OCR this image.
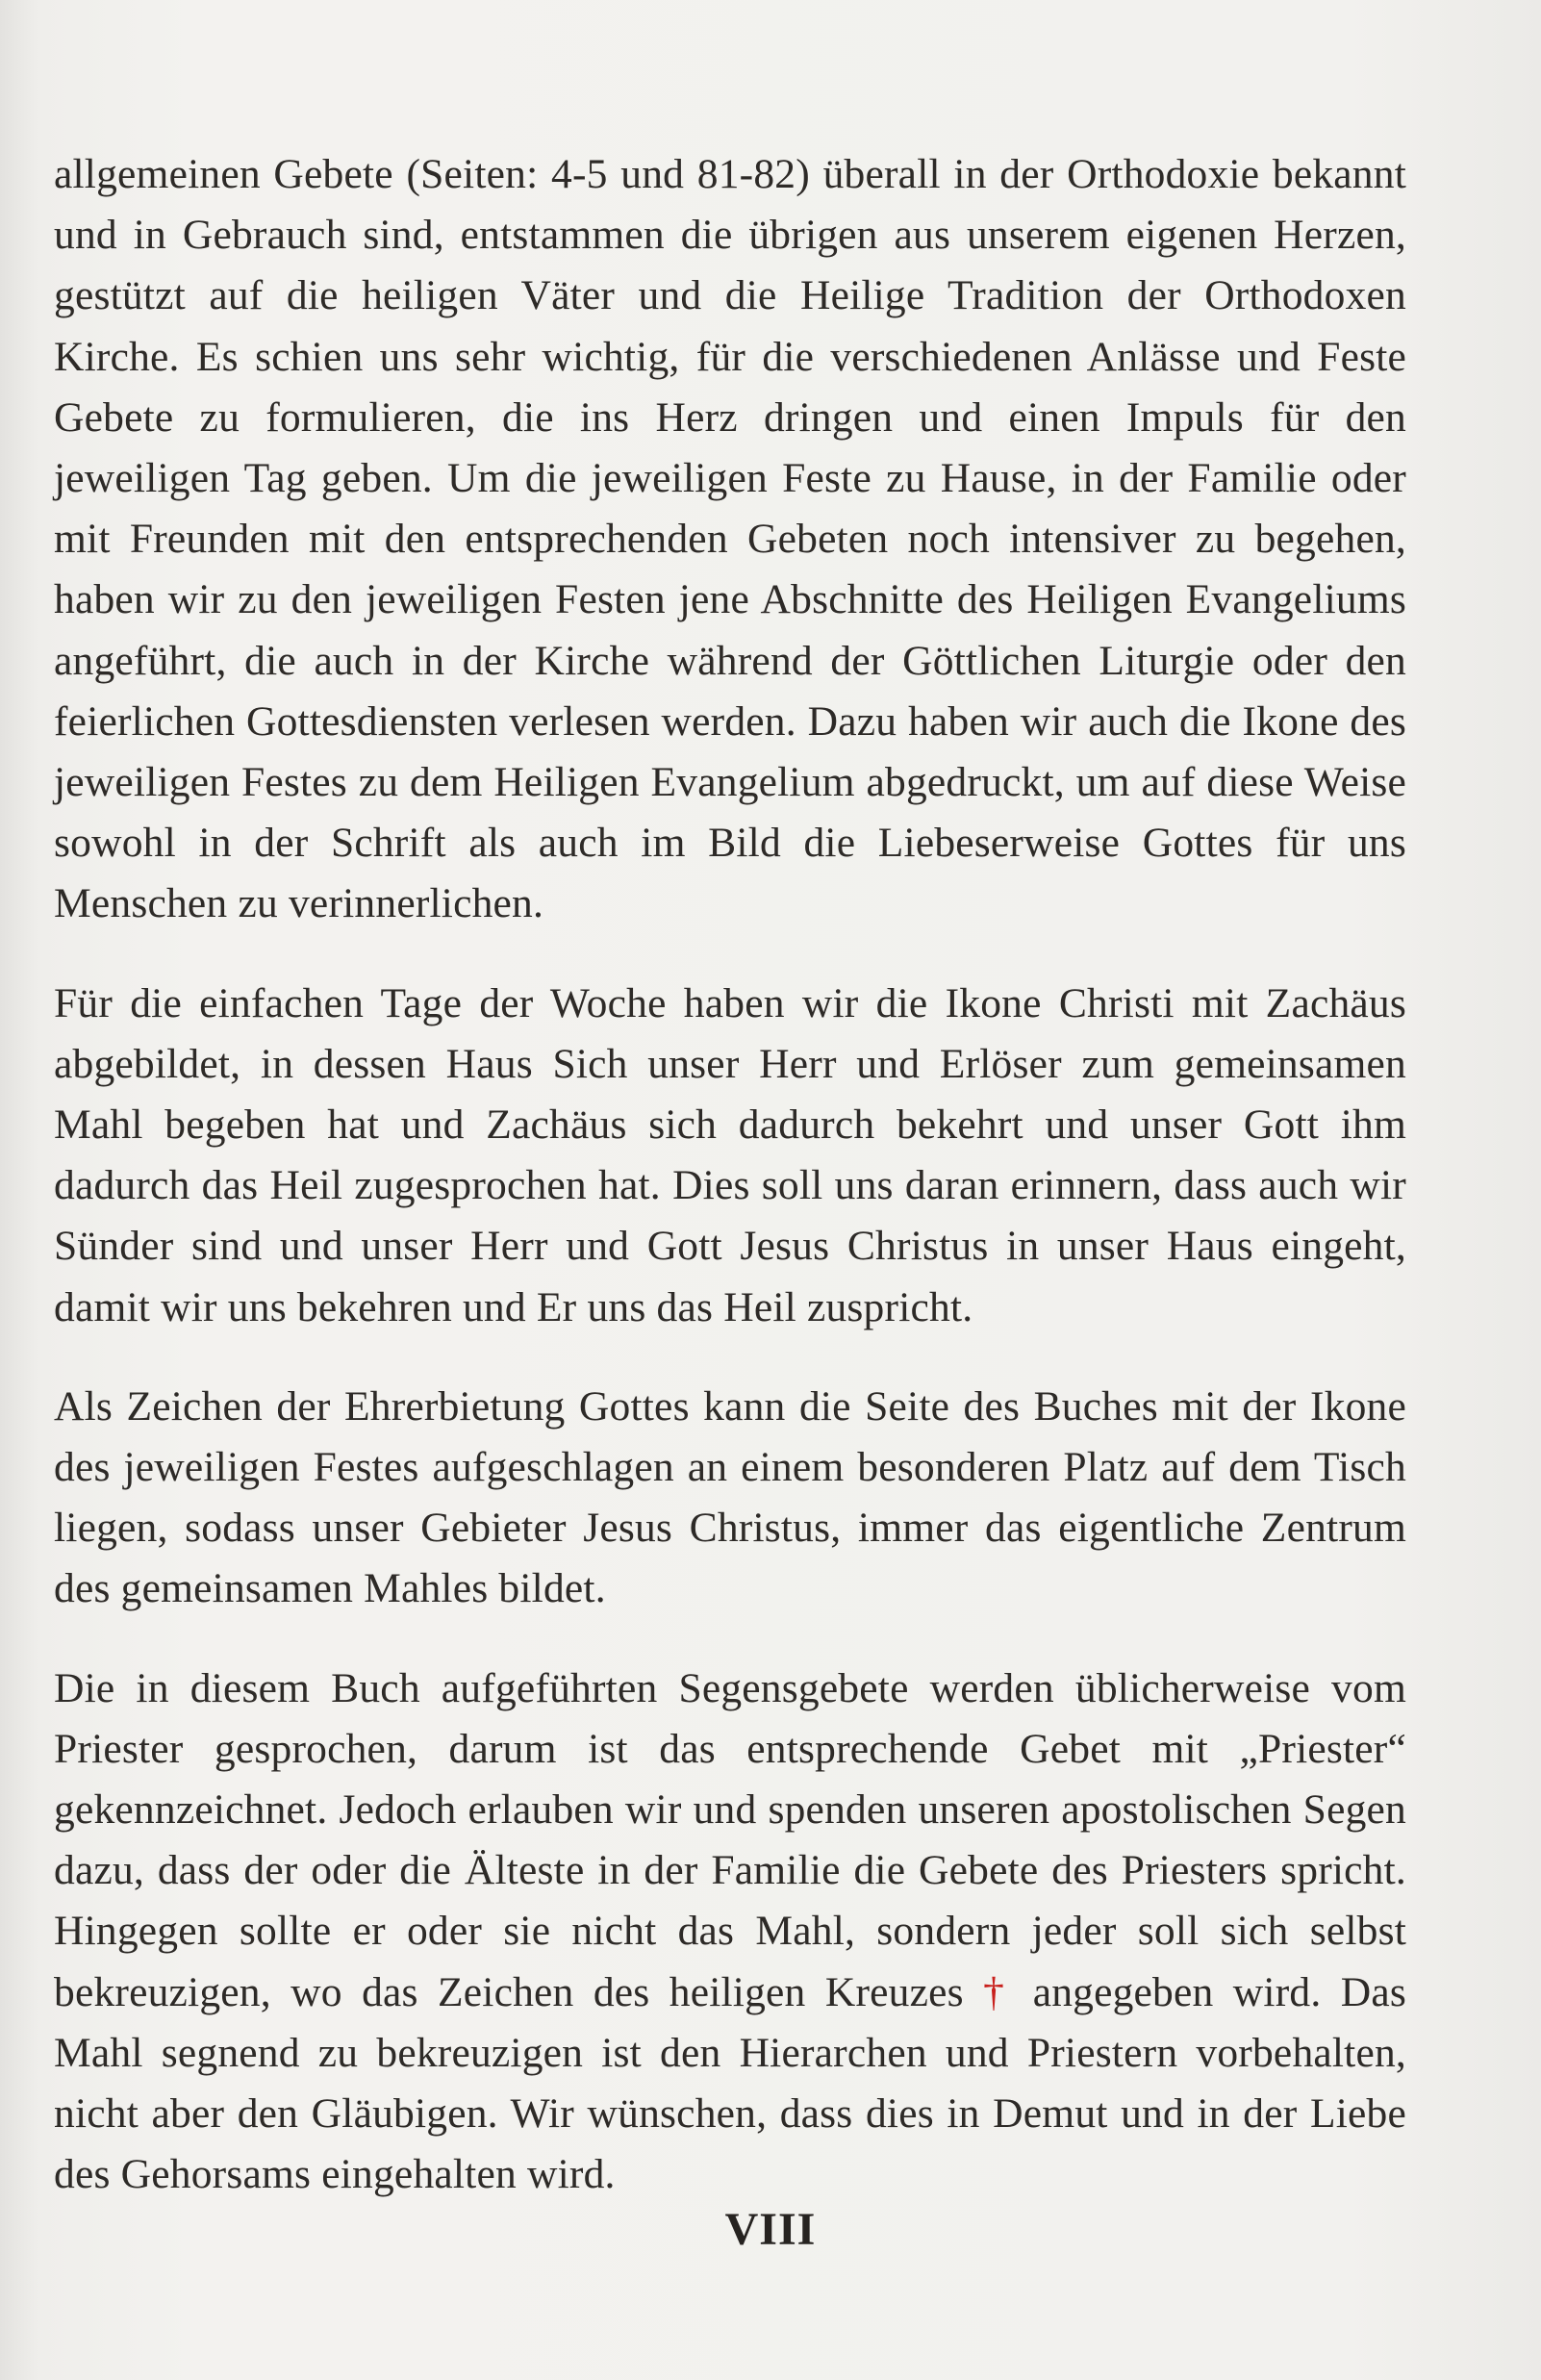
allgemeinen Gebete (Seiten: 4-5 und 81-82) überall in der Orthodoxie bekannt und in Gebrauch sind, entstammen die übrigen aus unserem eigenen Herzen, gestützt auf die heiligen Väter und die Heilige Tradition der Orthodoxen Kirche. Es schien uns sehr wichtig, für die verschiedenen Anlässe und Feste Gebete zu formulieren, die ins Herz dringen und einen Impuls für den jeweiligen Tag geben. Um die jeweiligen Feste zu Hause, in der Familie oder mit Freunden mit den entsprechenden Gebeten noch intensiver zu begehen, haben wir zu den jeweiligen Festen jene Abschnitte des Heiligen Evangeliums angeführt, die auch in der Kirche während der Göttlichen Liturgie oder den feierlichen Gottesdiensten verlesen werden. Dazu haben wir auch die Ikone des jeweiligen Festes zu dem Heiligen Evangelium abgedruckt, um auf diese Weise sowohl in der Schrift als auch im Bild die Liebeserweise Gottes für uns Menschen zu verinnerlichen.

Für die einfachen Tage der Woche haben wir die Ikone Christi mit Zachäus abgebildet, in dessen Haus Sich unser Herr und Erlöser zum gemeinsamen Mahl begeben hat und Zachäus sich dadurch bekehrt und unser Gott ihm dadurch das Heil zugesprochen hat. Dies soll uns daran erinnern, dass auch wir Sünder sind und unser Herr und Gott Jesus Christus in unser Haus eingeht, damit wir uns bekehren und Er uns das Heil zuspricht.

Als Zeichen der Ehrerbietung Gottes kann die Seite des Buches mit der Ikone des jeweiligen Festes aufgeschlagen an einem besonderen Platz auf dem Tisch liegen, sodass unser Gebieter Jesus Christus, immer das eigentliche Zentrum des gemeinsamen Mahles bildet.

Die in diesem Buch aufgeführten Segensgebete werden üblicherweise vom Priester gesprochen, darum ist das entsprechende Gebet mit „Priester“ gekennzeichnet. Jedoch erlauben wir und spenden unseren apostolischen Segen dazu, dass der oder die Älteste in der Familie die Gebete des Priesters spricht. Hingegen sollte er oder sie nicht das Mahl, sondern jeder soll sich selbst bekreuzigen, wo das Zeichen des heiligen Kreuzes † angegeben wird. Das Mahl segnend zu bekreuzigen ist den Hierarchen und Priestern vorbehalten, nicht aber den Gläubigen. Wir wünschen, dass dies in Demut und in der Liebe des Gehorsams eingehalten wird.

VIII
